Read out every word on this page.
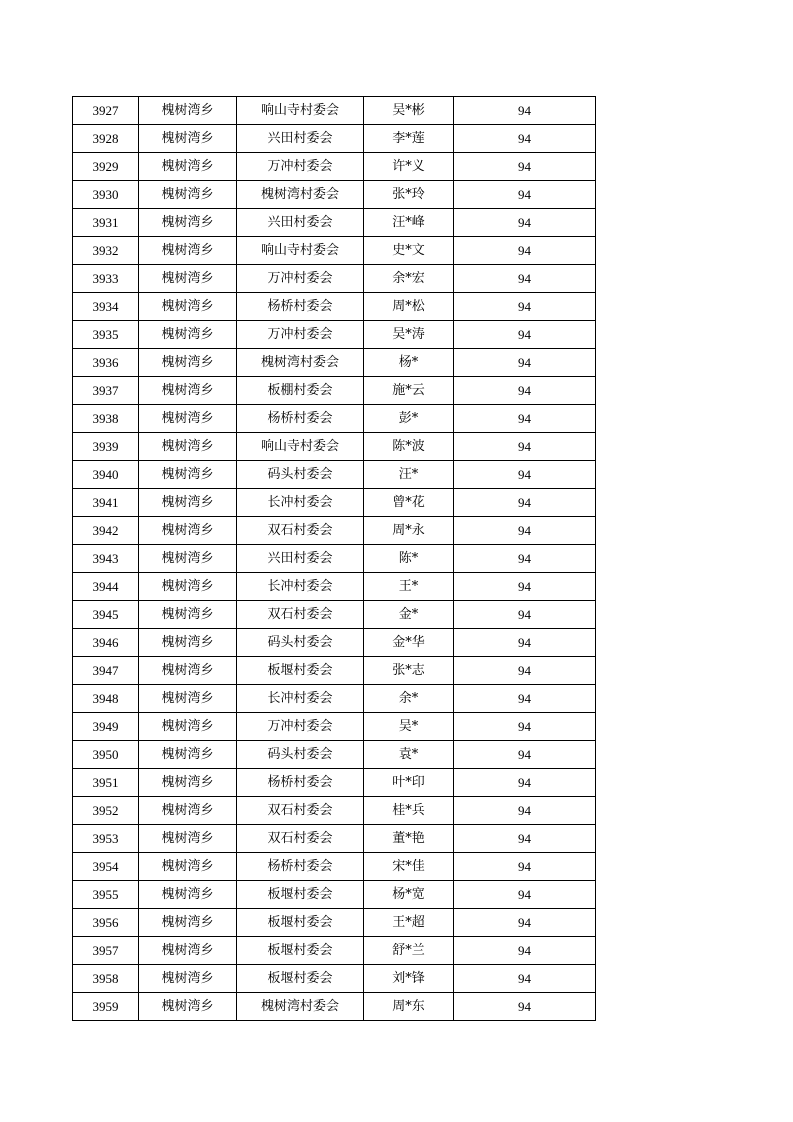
3927	槐树湾乡	响山寺村委会	吴*彬	94
3928	槐树湾乡	兴田村委会	李*莲	94
3929	槐树湾乡	万冲村委会	许*义	94
3930	槐树湾乡	槐树湾村委会	张*玲	94
3931	槐树湾乡	兴田村委会	汪*峰	94
3932	槐树湾乡	响山寺村委会	史*文	94
3933	槐树湾乡	万冲村委会	余*宏	94
3934	槐树湾乡	杨桥村委会	周*松	94
3935	槐树湾乡	万冲村委会	吴*涛	94
3936	槐树湾乡	槐树湾村委会	杨*	94
3937	槐树湾乡	板棚村委会	施*云	94
3938	槐树湾乡	杨桥村委会	彭*	94
3939	槐树湾乡	响山寺村委会	陈*波	94
3940	槐树湾乡	码头村委会	汪*	94
3941	槐树湾乡	长冲村委会	曾*花	94
3942	槐树湾乡	双石村委会	周*永	94
3943	槐树湾乡	兴田村委会	陈*	94
3944	槐树湾乡	长冲村委会	王*	94
3945	槐树湾乡	双石村委会	金*	94
3946	槐树湾乡	码头村委会	金*华	94
3947	槐树湾乡	板堰村委会	张*志	94
3948	槐树湾乡	长冲村委会	余*	94
3949	槐树湾乡	万冲村委会	吴*	94
3950	槐树湾乡	码头村委会	袁*	94
3951	槐树湾乡	杨桥村委会	叶*印	94
3952	槐树湾乡	双石村委会	桂*兵	94
3953	槐树湾乡	双石村委会	董*艳	94
3954	槐树湾乡	杨桥村委会	宋*佳	94
3955	槐树湾乡	板堰村委会	杨*宽	94
3956	槐树湾乡	板堰村委会	王*超	94
3957	槐树湾乡	板堰村委会	舒*兰	94
3958	槐树湾乡	板堰村委会	刘*锋	94
3959	槐树湾乡	槐树湾村委会	周*东	94
